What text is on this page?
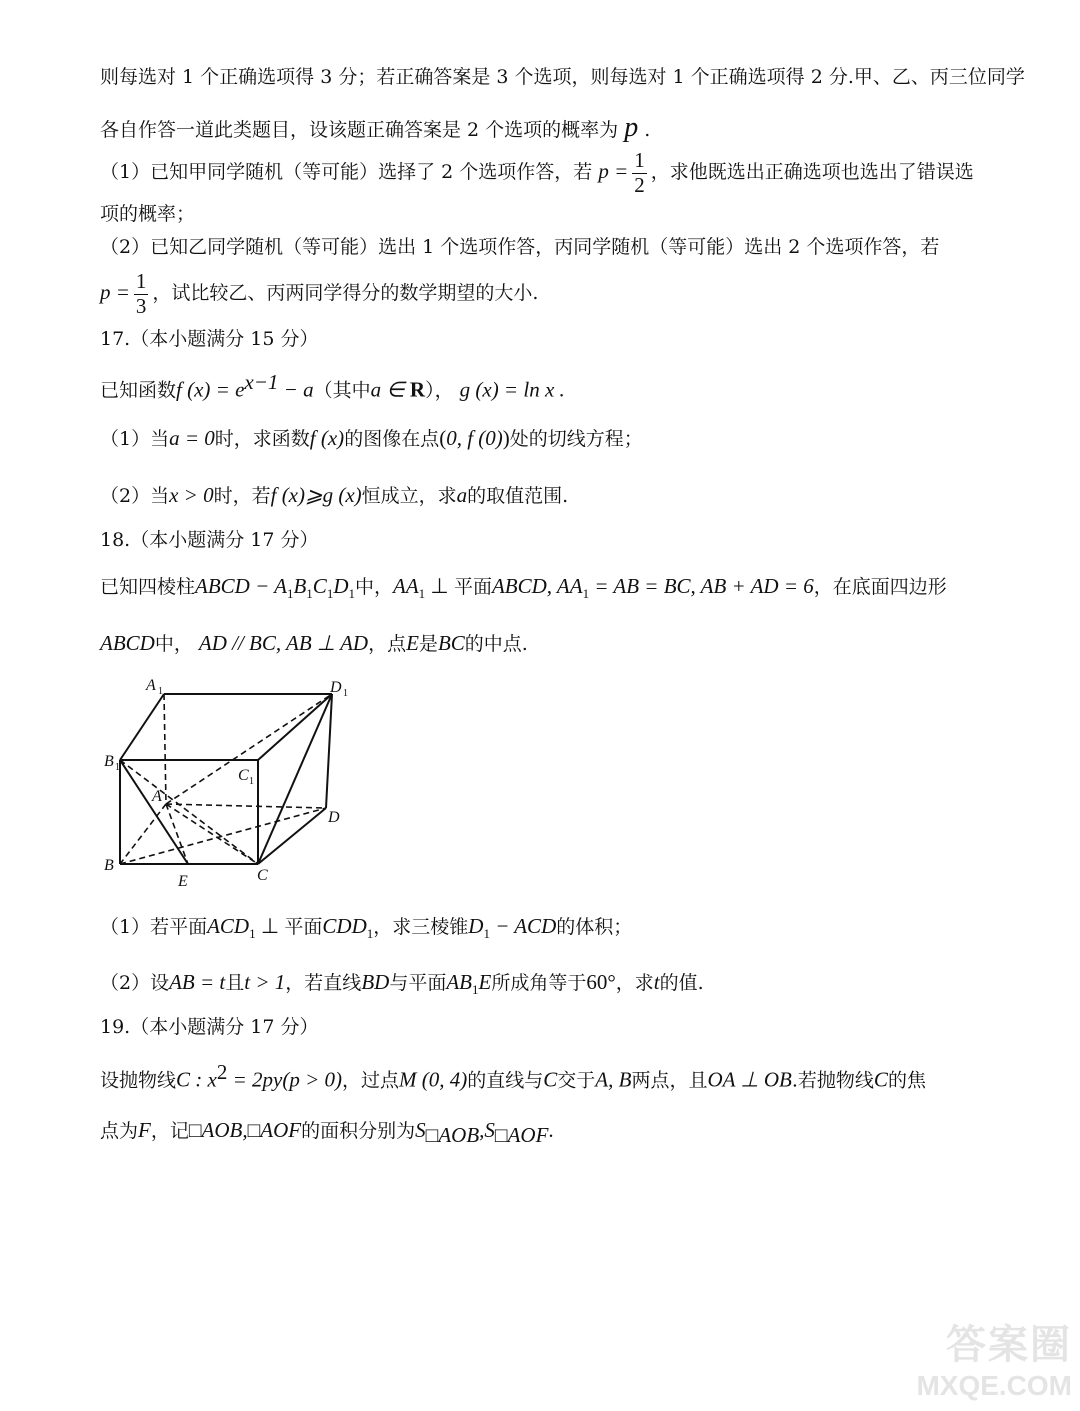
则每选对 1 个正确选项得 3 分；若正确答案是 3 个选项，则每选对 1 个正确选项得 2 分.甲、乙、丙三位同学
各自作答一道此类题目，设该题正确答案是 2 个选项的概率为 p .
（1）已知甲同学随机（等可能）选择了 2 个选项作答，若 $p = \frac{1}{2}$ ，求他既选出正确选项也选出了错误选
项的概率；
（2）已知乙同学随机（等可能）选出 1 个选项作答，丙同学随机（等可能）选出 2 个选项作答，若
$p = \frac{1}{3}$ ，试比较乙、丙两同学得分的数学期望的大小.
17.（本小题满分 15 分）
已知函数f $(x) = e^{x-1} - a$（其中a ∈ R）， g (x) = ln x .
（1）当a = 0时，求函数f (x)的图像在点(0, f (0))处的切线方程；
（2）当x > 0时，若f (x)⩾g (x)恒成立，求a的取值范围.
18.（本小题满分 17 分）
已知四棱柱ABCD − $A_1B_1C_1D_1$中，$AA_1$ ⊥ 平面ABCD, $AA_1$ = AB = BC, AB + AD = 6，在底面四边形
ABCD中， AD // BC, AB ⊥ AD，点E是BC的中点.
A 1	D 1
B 1	C 1
A
D
B
C
E
（1）若平面$ACD_1$ ⊥ 平面$CDD_1$，求三棱锥$D_1$ − ACD的体积；
（2）设AB = t且t > 1，若直线BD与平面$AB_1E$所成角等于60°，求t的值.
19.（本小题满分 17 分）
设抛物线C : $x^2 = 2py(p > 0)$，过点M (0, 4)的直线与C交于A, B两点，且OA ⊥ OB.若抛物线C的焦
点为F，记□AOB,□AOF的面积分别为$S_{□AOB},S_{□AOF}$.
答案圈
MXQE.COM
